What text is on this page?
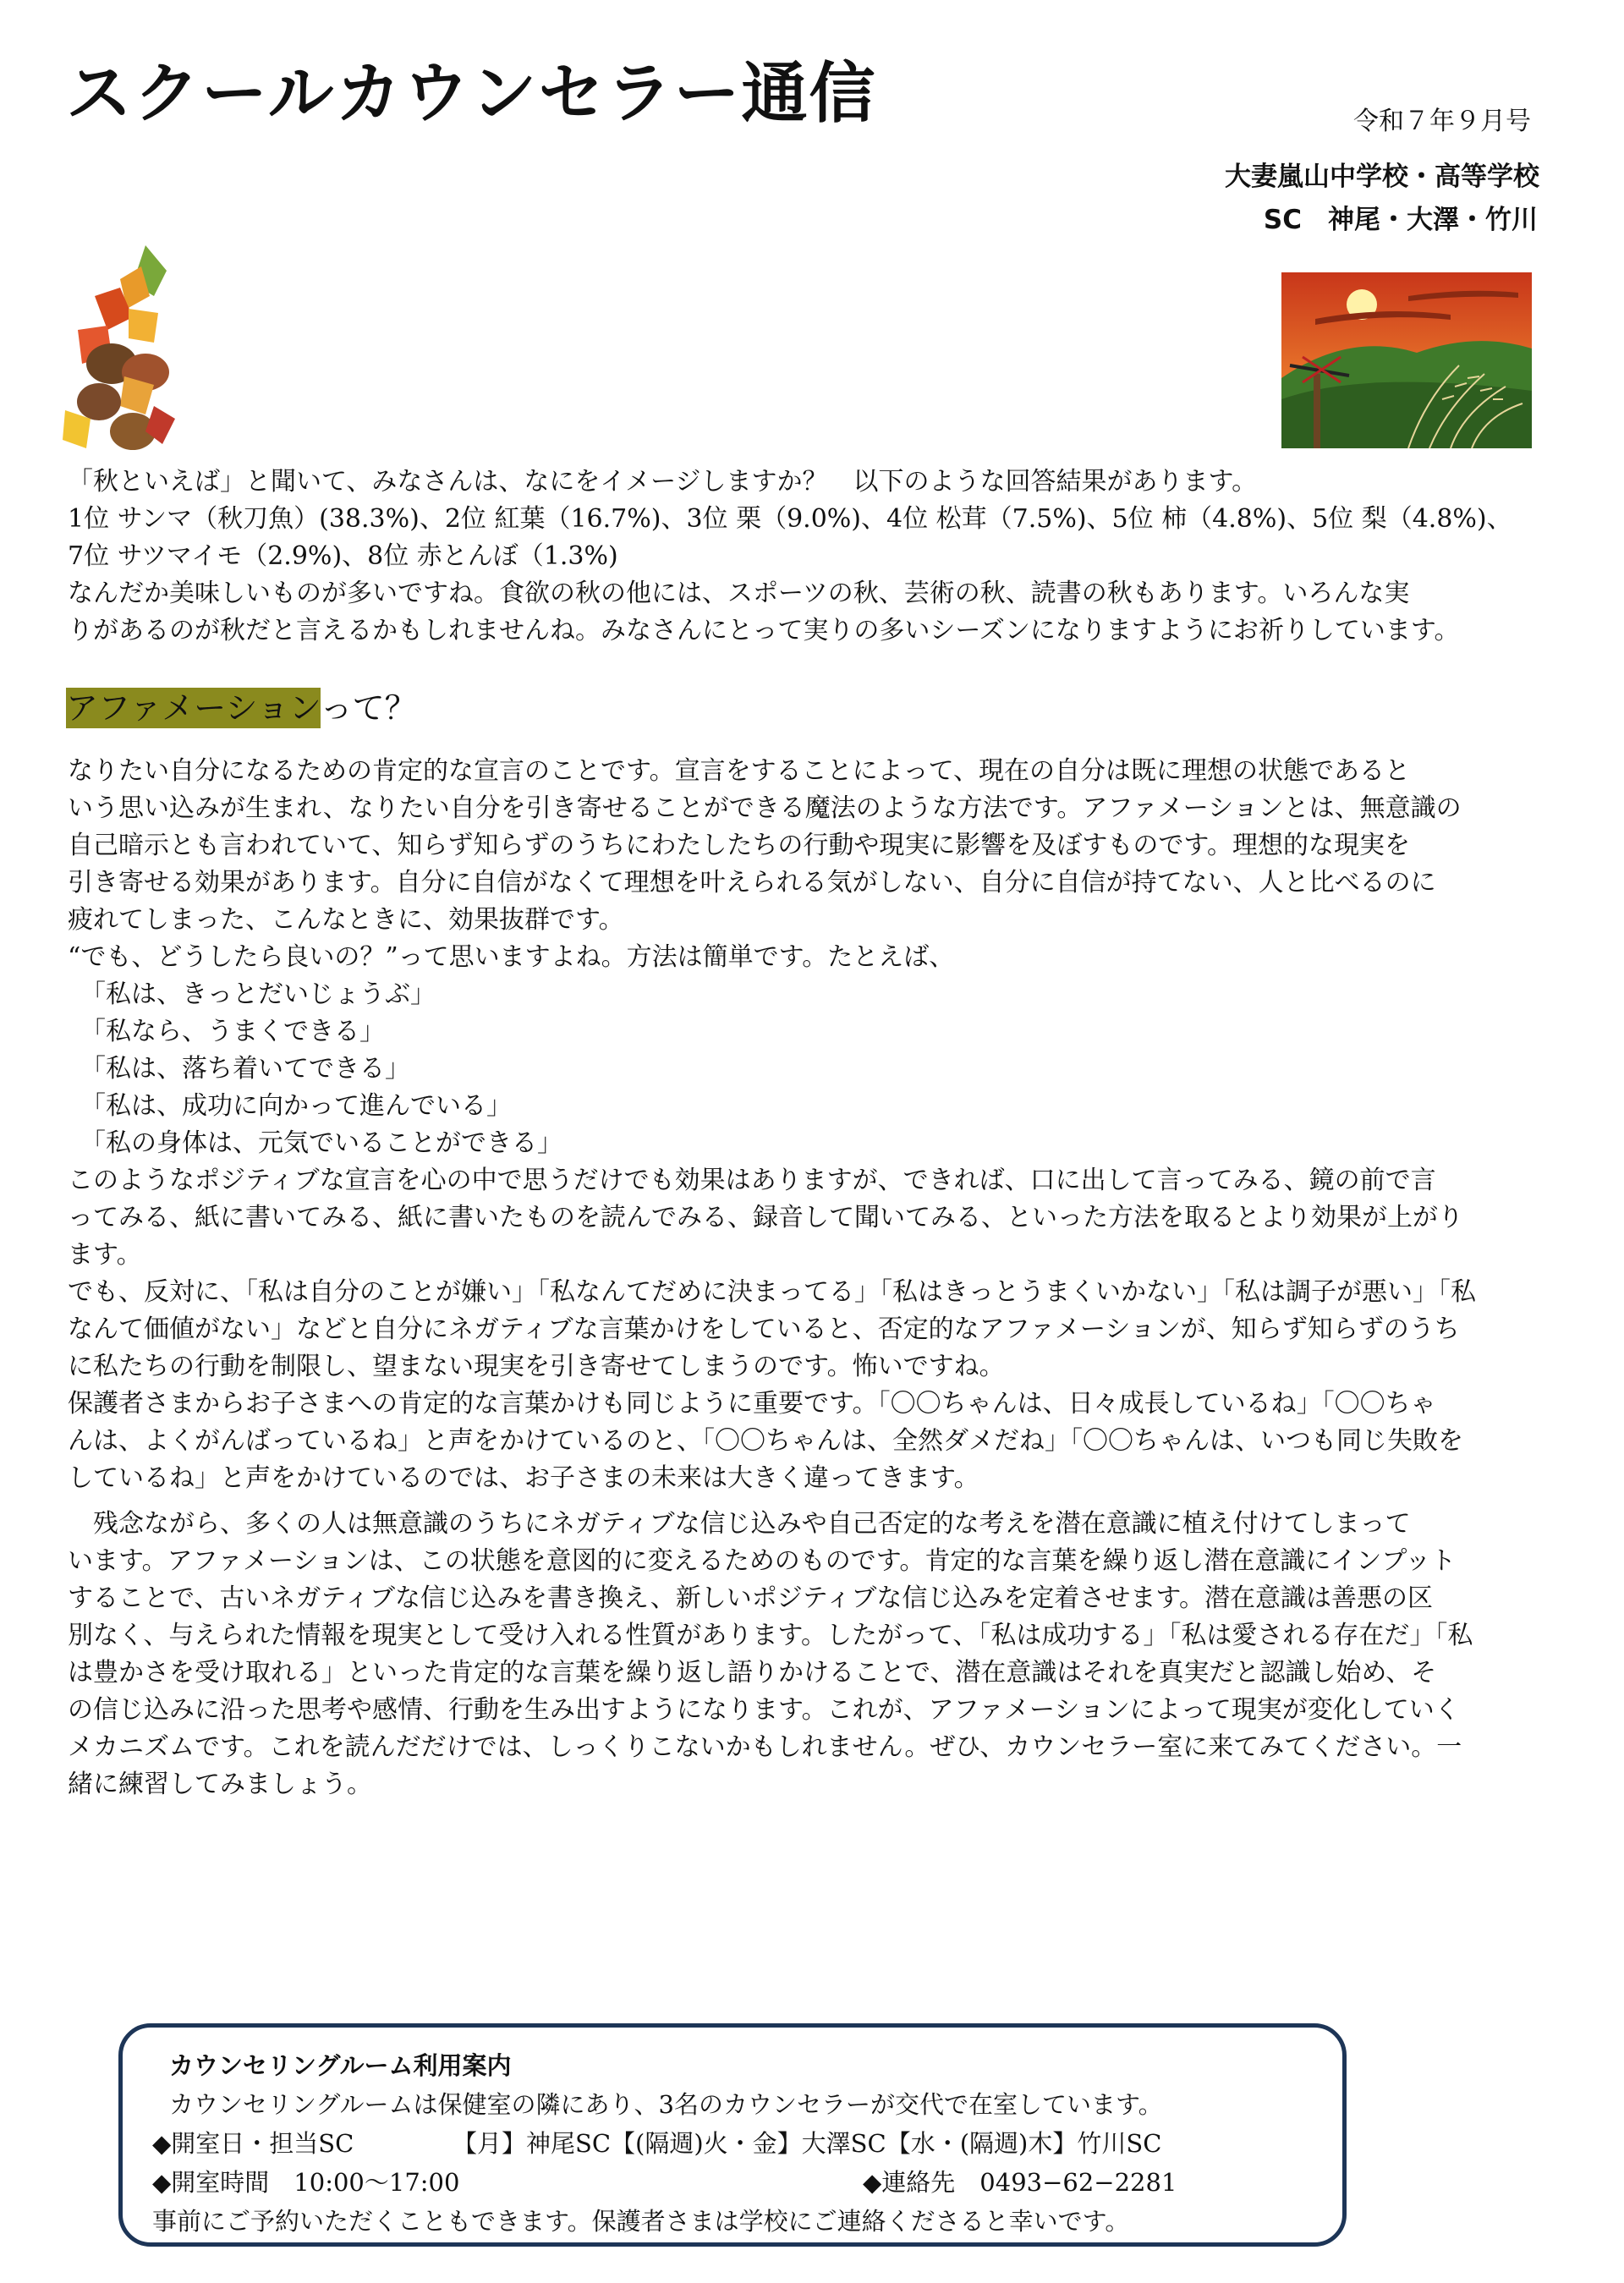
スクールカウンセラー通信	令和７年９月号
大妻嵐山中学校・高等学校
SC　神尾・大澤・竹川

「秋といえば」と聞いて、みなさんは、なにをイメージしますか？　以下のような回答結果があります。

1位 サンマ（秋刀魚）(38.3%)、2位 紅葉（16.7%)、3位 栗（9.0%)、4位 松茸（7.5%)、5位 柿（4.8%)、5位 梨（4.8%)、

7位 サツマイモ（2.9%)、8位 赤とんぼ（1.3%)

なんだか美味しいものが多いですね。食欲の秋の他には、スポーツの秋、芸術の秋、読書の秋もあります。いろんな実

りがあるのが秋だと言えるかもしれませんね。みなさんにとって実りの多いシーズンになりますようにお祈りしています。

アファメーションって？

なりたい自分になるための肯定的な宣言のことです。宣言をすることによって、現在の自分は既に理想の状態であると

いう思い込みが生まれ、なりたい自分を引き寄せることができる魔法のような方法です。アファメーションとは、無意識の

自己暗示とも言われていて、知らず知らずのうちにわたしたちの行動や現実に影響を及ぼすものです。理想的な現実を

引き寄せる効果があります。自分に自信がなくて理想を叶えられる気がしない、自分に自信が持てない、人と比べるのに

疲れてしまった、こんなときに、効果抜群です。

“でも、どうしたら良いの？”って思いますよね。方法は簡単です。たとえば、

　「私は、きっとだいじょうぶ」

　「私なら、うまくできる」

　「私は、落ち着いてできる」

　「私は、成功に向かって進んでいる」

　「私の身体は、元気でいることができる」

このようなポジティブな宣言を心の中で思うだけでも効果はありますが、できれば、口に出して言ってみる、鏡の前で言

ってみる、紙に書いてみる、紙に書いたものを読んでみる、録音して聞いてみる、といった方法を取るとより効果が上がり

ます。

でも、反対に、「私は自分のことが嫌い」「私なんてだめに決まってる」「私はきっとうまくいかない」「私は調子が悪い」「私

なんて価値がない」などと自分にネガティブな言葉かけをしていると、否定的なアファメーションが、知らず知らずのうち

に私たちの行動を制限し、望まない現実を引き寄せてしまうのです。怖いですね。

保護者さまからお子さまへの肯定的な言葉かけも同じように重要です。「〇〇ちゃんは、日々成長しているね」「〇〇ちゃ

んは、よくがんばっているね」と声をかけているのと、「〇〇ちゃんは、全然ダメだね」「〇〇ちゃんは、いつも同じ失敗を

しているね」と声をかけているのでは、お子さまの未来は大きく違ってきます。

　残念ながら、多くの人は無意識のうちにネガティブな信じ込みや自己否定的な考えを潜在意識に植え付けてしまって

います。アファメーションは、この状態を意図的に変えるためのものです。肯定的な言葉を繰り返し潜在意識にインプット

することで、古いネガティブな信じ込みを書き換え、新しいポジティブな信じ込みを定着させます。潜在意識は善悪の区

別なく、与えられた情報を現実として受け入れる性質があります。したがって、「私は成功する」「私は愛される存在だ」「私

は豊かさを受け取れる」といった肯定的な言葉を繰り返し語りかけることで、潜在意識はそれを真実だと認識し始め、そ

の信じ込みに沿った思考や感情、行動を生み出すようになります。これが、アファメーションによって現実が変化していく

メカニズムです。これを読んだだけでは、しっくりこないかもしれません。ぜひ、カウンセラー室に来てみてください。一

緒に練習してみましょう。

カウンセリングルーム利用案内
カウンセリングルームは保健室の隣にあり、3名のカウンセラーが交代で在室しています。
◆開室日・担当SC	【月】神尾SC【(隔週)火・金】大澤SC【水・(隔週)木】竹川SC
◆開室時間　10:00〜17:00	◆連絡先　0493−62−2281
事前にご予約いただくこともできます。保護者さまは学校にご連絡くださると幸いです。
